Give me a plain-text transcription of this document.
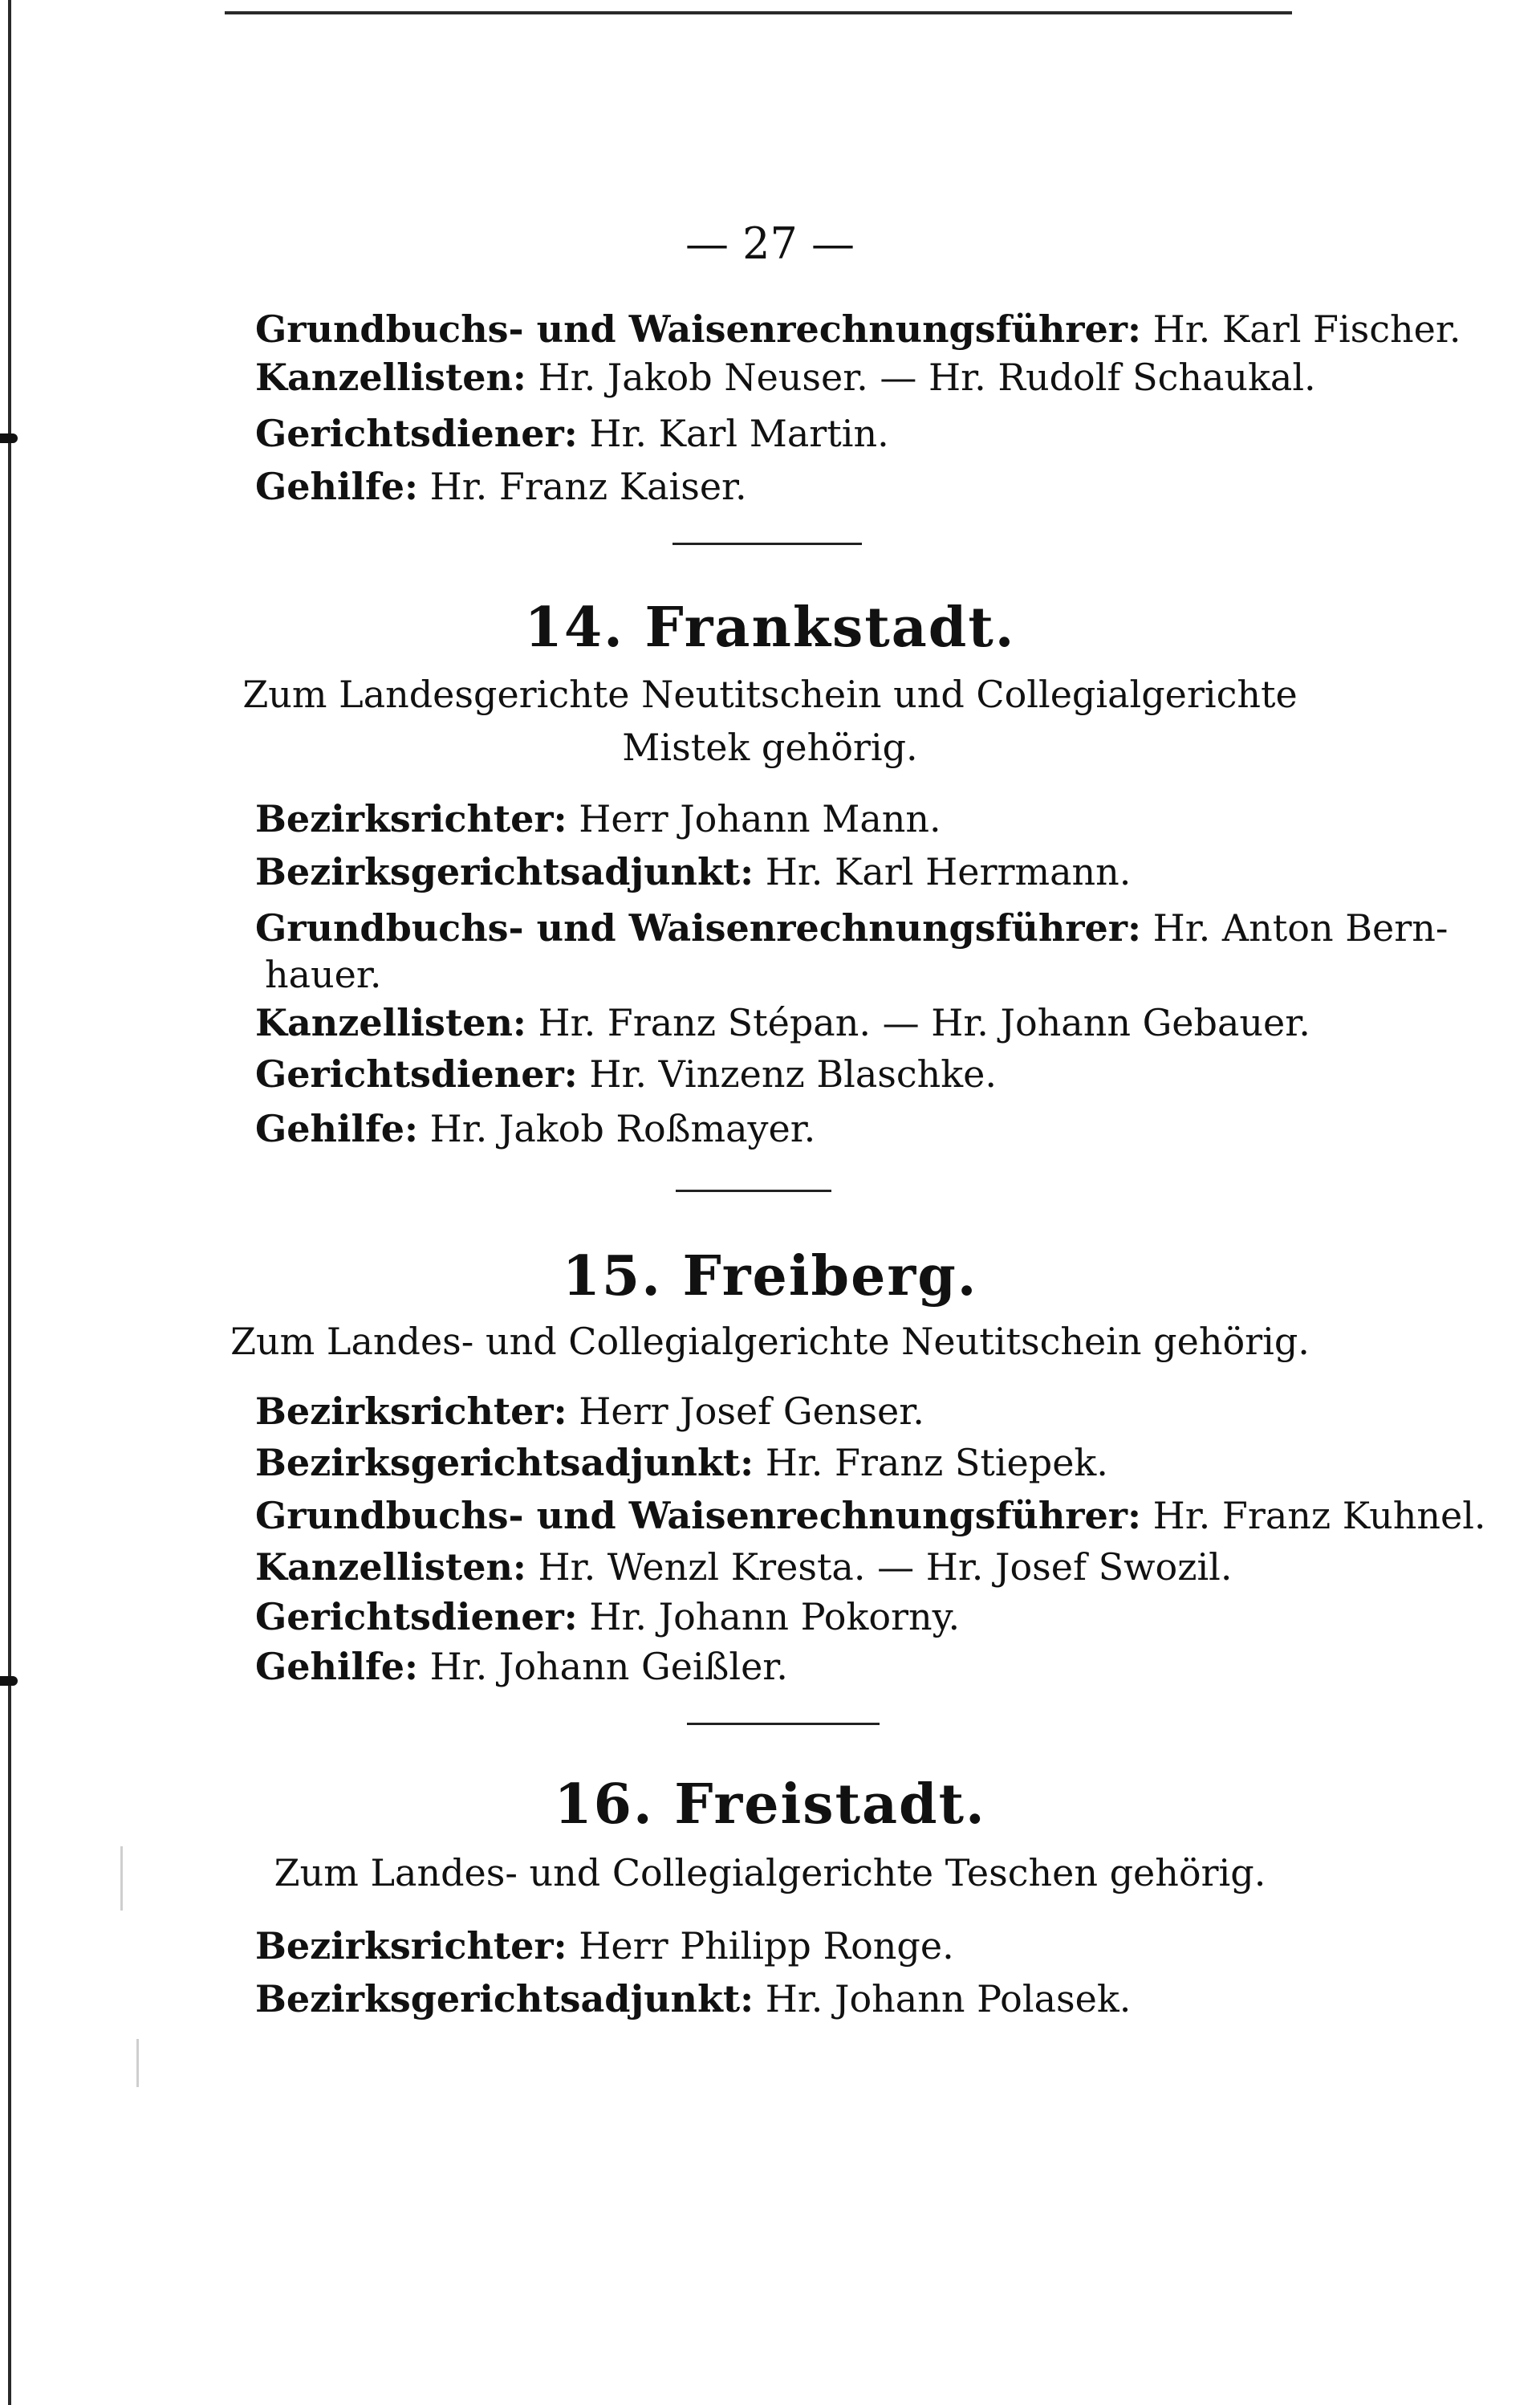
— 27 —
Grundbuchs- und Waisenrechnungsführer: Hr. Karl Fischer.
Kanzellisten: Hr. Jakob Neuser. — Hr. Rudolf Schaukal.
Gerichtsdiener: Hr. Karl Martin.
Gehilfe: Hr. Franz Kaiser.
14. Frankstadt.
Zum Landesgerichte Neutitschein und Collegialgerichte
Mistek gehörig.
Bezirksrichter: Herr Johann Mann.
Bezirksgerichtsadjunkt: Hr. Karl Herrmann.
Grundbuchs- und Waisenrechnungsführer: Hr. Anton Bern-
hauer.
Kanzellisten: Hr. Franz Stépan. — Hr. Johann Gebauer.
Gerichtsdiener: Hr. Vinzenz Blaschke.
Gehilfe: Hr. Jakob Roßmayer.
15. Freiberg.
Zum Landes- und Collegialgerichte Neutitschein gehörig.
Bezirksrichter: Herr Josef Genser.
Bezirksgerichtsadjunkt: Hr. Franz Stiepek.
Grundbuchs- und Waisenrechnungsführer: Hr. Franz Kuhnel.
Kanzellisten: Hr. Wenzl Kresta. — Hr. Josef Swozil.
Gerichtsdiener: Hr. Johann Pokorny.
Gehilfe: Hr. Johann Geißler.
16. Freistadt.
Zum Landes- und Collegialgerichte Teschen gehörig.
Bezirksrichter: Herr Philipp Ronge.
Bezirksgerichtsadjunkt: Hr. Johann Polasek.
